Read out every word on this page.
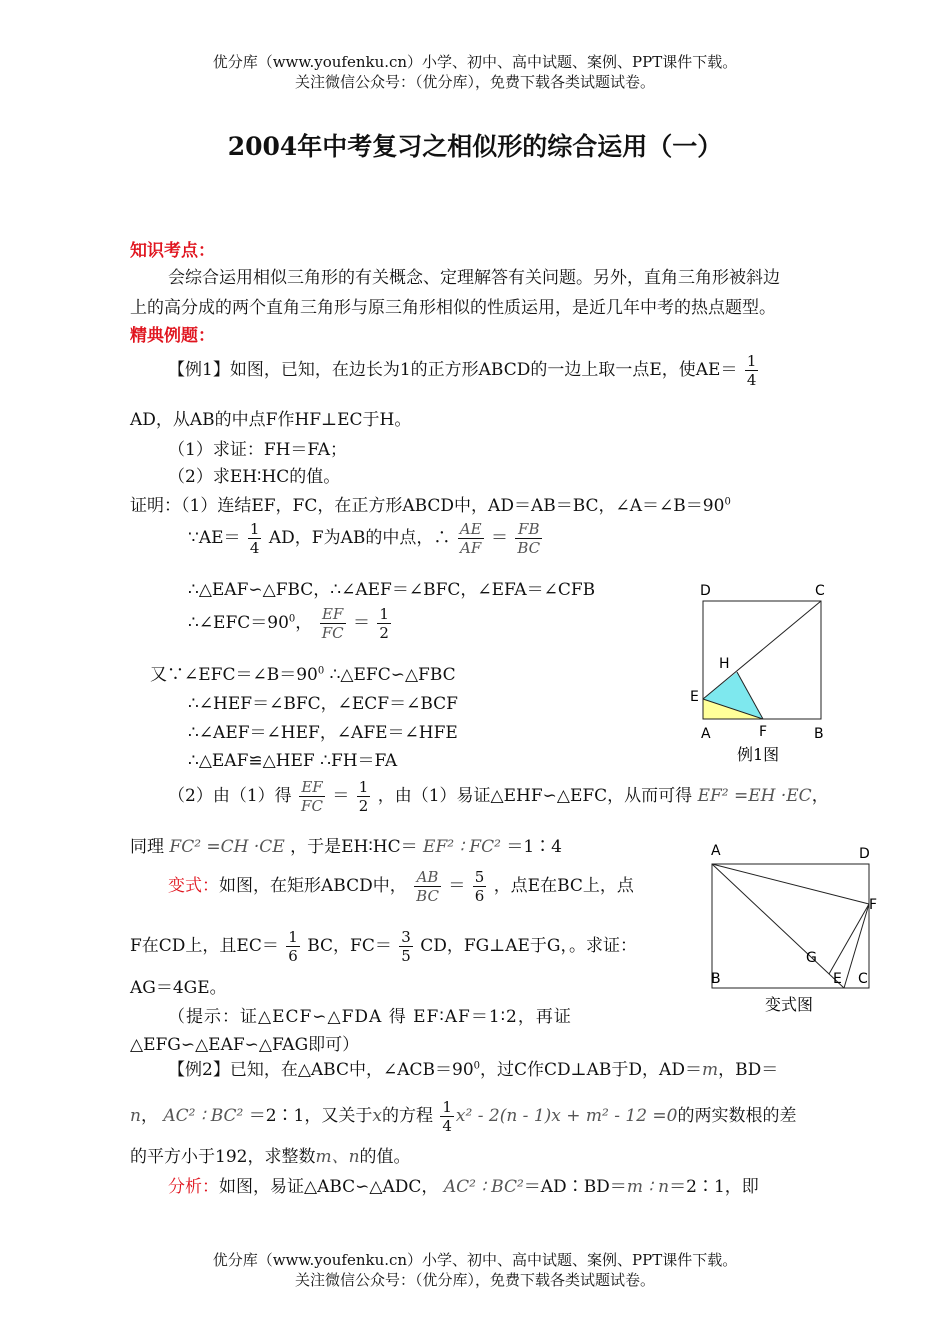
优分库（www.youfenku.cn）小学、初中、高中试题、案例、PPT课件下载。
关注微信公众号：（优分库），免费下载各类试题试卷。
2004年中考复习之相似形的综合运用（一）
知识考点：
会综合运用相似三角形的有关概念、定理解答有关问题。另外，直角三角形被斜边
上的高分成的两个直角三角形与原三角形相似的性质运用，是近几年中考的热点题型。
精典例题：
【例1】如图，已知，在边长为1的正方形ABCD的一边上取一点E，使$AE= \frac{1}{4}$
AD，从AB的中点F作HF⊥EC于H。
（1）求证：FH＝FA；
（2）求EH∶HC的值。
证明：（1）连结EF，FC，在正方形ABCD中，AD＝AB＝BC，$\angle A=\angle B=90^0$
∵AE＝ $\frac{1}{4}$ AD，F为AB的中点，∴ $\frac{AE}{AF} = \frac{FB}{BC}$
∴△EAF∽△FBC，∴∠AEF＝∠BFC，∠EFA＝∠CFB
$\therefore\angle EFC=90^0$， $\frac{EF}{FC} = \frac{1}{2}$
又$\because\angle EFC=\angle B=90^0$ ∴△EFC∽△FBC
∴∠HEF＝∠BFC，∠ECF＝∠BCF
∴∠AEF＝∠HEF，∠AFE＝∠HFE
∴△EAF≌△HEF ∴FH＝FA
（2）由（1）得 $\frac{EF}{FC} = \frac{1}{2}$ ，由（1）易证△EHF∽△EFC，从而可得 EF² =EH ·EC，
同理 FC² =CH ·CE ，于是EH∶HC＝ EF² ∶ FC² ＝1∶4
D	C
H
E
A	F	B
例1图
变式：如图，在矩形ABCD中， $\frac{AB}{BC} = \frac{5}{6}$ ，点E在BC上，点
F在CD上，且$EC= \frac{1}{6}$ BC，$FC= \frac{3}{5}$ CD，FG⊥AE于G，。求证：
AG＝4GE。
（提示：证△ECF∽△FDA 得 EF∶AF＝1∶2，再证
△EFG∽△EAF∽△FAG即可）
A	D
F
G
B	E C
变式图
【例2】已知，在△ABC中，$\angle ACB=90^0$，过C作CD⊥AB于D，AD＝m，BD＝
n， AC² ∶ BC² ＝2∶1，又关于x的方程 $\frac{1}{4} x^2 - 2(n - 1)x + m^2 - 12 =0$的两实数根的差
的平方小于192，求整数m、n的值。
分析：如图，易证△ABC∽△ADC， AC² ∶ BC²＝AD∶BD＝m ∶ n＝2∶1，即
优分库（www.youfenku.cn）小学、初中、高中试题、案例、PPT课件下载。
关注微信公众号：（优分库），免费下载各类试题试卷。
